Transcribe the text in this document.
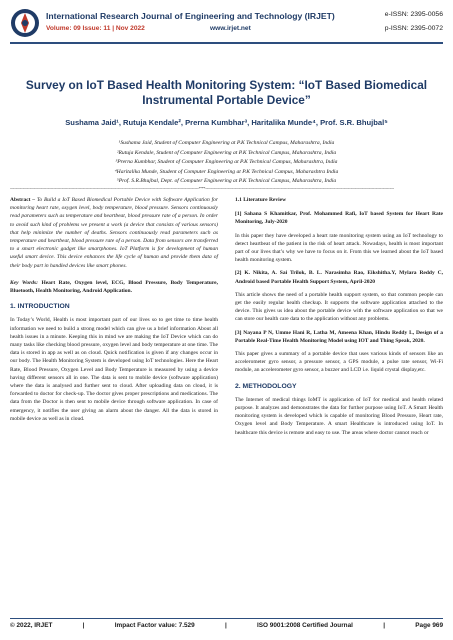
International Research Journal of Engineering and Technology (IRJET)
Volume: 09 Issue: 11 | Nov 2022	www.irjet.net
e-ISSN: 2395-0056
p-ISSN: 2395-0072
Survey on IoT Based Health Monitoring System: “IoT Based Biomedical
Instrumental Portable Device”
Sushama Jaid¹, Rutuja Kendale², Prerna Kumbhar³, Haritalika Munde⁴, Prof. S.R. Bhujbal⁵
¹Sushama Jaid, Student of Computer Engineering at P.K Technical Campus, Maharashtra, India
²Rutuja Kendale, Student of Computer Engineering at P.K Technical Campus, Maharashtra, India
³Prerna Kumbhar, Student of Computer Engineering at P.K Technical Campus, Maharashtra, India
⁴Haritalika Munde, Student of Computer Engineering at P.K Technical Campus, Maharashtra India
⁵Prof. S.R.Bhujbal, Dept. of Computer Engineering at P.K Technical Campus, Maharashtra, India
---------------------------------------------------------------------------------------------------------------------------------------***---------------------------------------------------------------------------------------------------------------------------------------

Abstract – To Build a IoT Based Biomedical Portable Device with Software Application for monitoring heart rate, oxygen level, body temperature, blood pressure. Sensors continuously read parameters such as temperature and heartbeat, blood pressure rate of a person. In order to avoid such kind of problems we present a work (a device that consists of various sensors) that help minimize the number of deaths. Sensors continuously read parameters such as temperature and heartbeat, blood pressure rate of a person. Data from sensors are transferred to a smart electronic gadget like smartphones. IoT Platform is for development of human useful smart device. This device enhances the life cycle of human and provide them data of their body part in handled devices like smart phones.

Key Words: Heart Rate, Oxygen level, ECG, Blood Pressure, Body Temperature, Bluetooth, Health Monitoring, Android Application.

1. INTRODUCTION

In Today’s World, Health is most important part of our lives so to get time to time health information we need to build a strong model which can give us a brief information About all health issues in a minute. Keeping this in mind we are making the IoT Device which can do many tasks like checking blood pressure, oxygen level and body temperature at one time. The data is stored in app as well as on cloud. Quick notification is given if any changes occur in our body. The Health Monitoring System is developed using IoT technologies. Here the Heart Rate, Blood Pressure, Oxygen Level and Body Temperature is measured by using a device having different sensors all in one. The data is sent to mobile device (software application) where the data is analysed and further sent to cloud. After uploading data on cloud, it is forwarded to doctor for check-up. The doctor gives proper prescriptions and medications. The data from the Doctor is then sent to mobile device through software application. In case of emergency, it notifies the user giving an alarm about the danger. All the data is stored in mobile device as well as in cloud.

1.1 Literature Review

[1] Sahana S Khamitkar, Prof. Mohammed Rafi, IoT based System for Heart Rate Monitoring, July-2020

In this paper they have developed a heart rate monitoring system using an IoT technology to detect heartbeat of the patient in the risk of heart attack. Nowadays, health is most important part of our lives that’s why we have to focus on it. From this we learned about the IoT based health monitoring system.

[2] K. Nikita, A. Sai Trilok, B. L. Narasimha Rao, Eikshitha.Y, Mylara Reddy C, Android based Portable Health Support System, April-2020

This article shows the need of a portable health support system, so that common people can get the easily regular health checkup. It supports the software application attached to the device. This gives us idea about the portable device with the software application so that we can store our health care data to the application without any problems.

[3] Nayana P N, Umme Hani R, Latha M, Ameena Khan, Hindu Reddy L, Design of a Portable Real-Time Health Monitoring Model using IOT and Thing Speak, 2020.

This paper gives a summary of a portable device that uses various kinds of sensors like an accelerometer gyro sensor, a pressure sensor, a GPS module, a pulse rate sensor, Wi-Fi module, an accelerometer gyro sensor, a buzzer and LCD i.e. liquid crystal display,etc.

2. METHODOLOGY

The Internet of medical things IoMT is application of IoT for medical and health related purpose. It analyzes and demonstrates the data for further purpose using IoT. A Smart Health monitoring system is developed which is capable of monitoring Blood Pressure, Heart rate, Oxygen level and Body Temperature. A smart Healthcare is introduced using IoT. In healthcare this device is remote and easy to use. The areas where doctor cannot reach or

© 2022, IRJET	|	Impact Factor value: 7.529	|	ISO 9001:2008 Certified Journal	|	Page 969
